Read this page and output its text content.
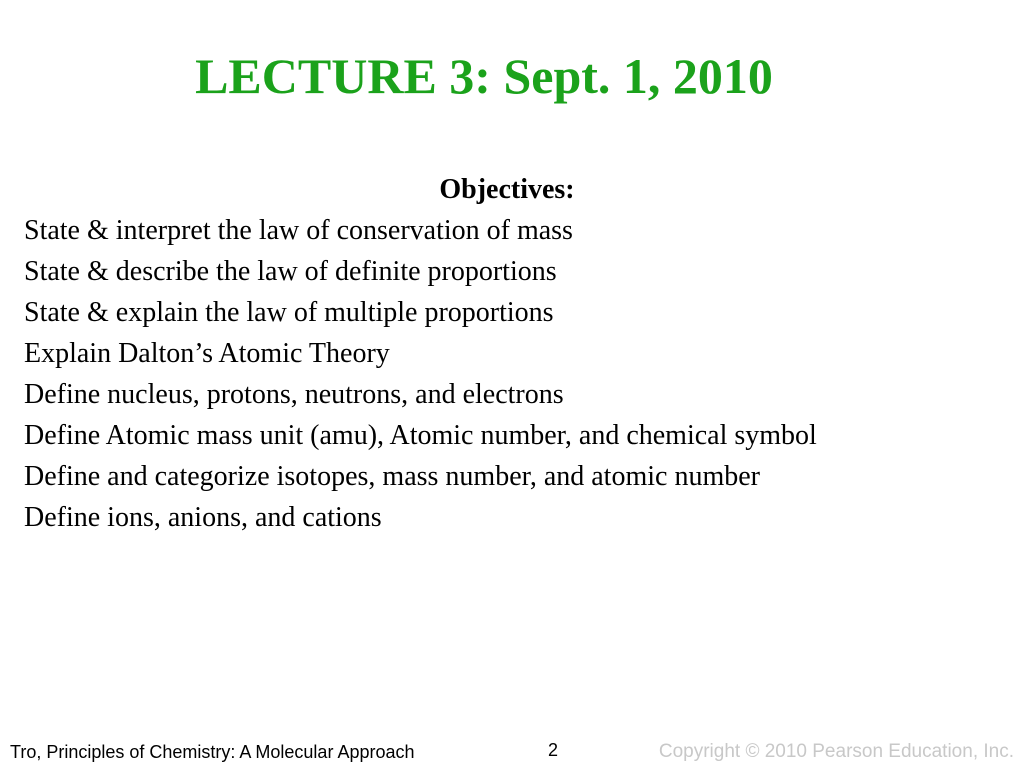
LECTURE 3: Sept. 1, 2010
Objectives:
State & interpret the law of conservation of mass
State & describe the law of definite proportions
State & explain the law of multiple proportions
Explain Dalton’s Atomic Theory
Define nucleus, protons, neutrons, and electrons
Define Atomic mass unit (amu), Atomic number, and chemical symbol
Define and categorize isotopes, mass number, and atomic number
Define ions, anions, and cations
Tro, Principles of Chemistry: A Molecular Approach	2	Copyright © 2010 Pearson Education, Inc.
